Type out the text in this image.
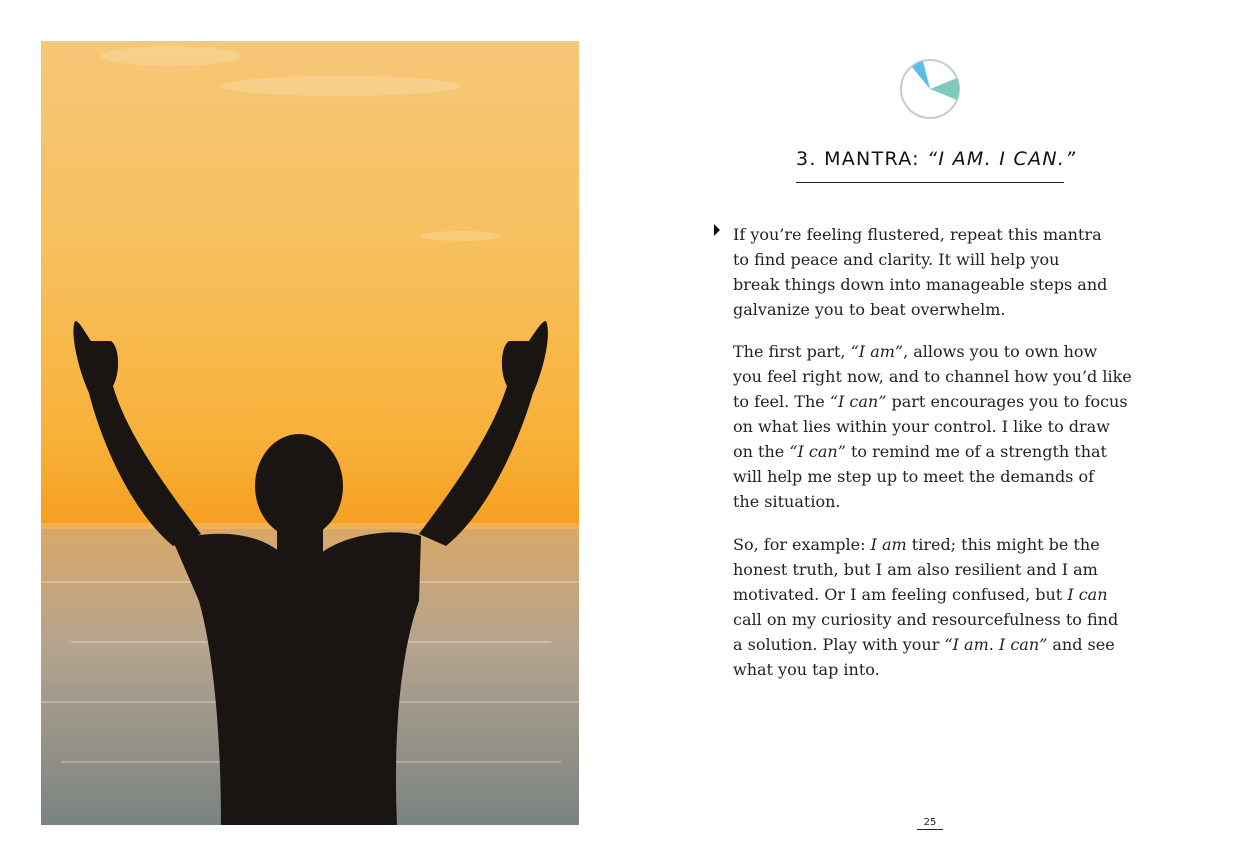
3. MANTRA: “I AM. I CAN.”
If you’re feeling flustered, repeat this mantra
to find peace and clarity. It will help you
break things down into manageable steps and
galvanize you to beat overwhelm.
The first part, “I am”, allows you to own how
you feel right now, and to channel how you’d like
to feel. The “I can” part encourages you to focus
on what lies within your control. I like to draw
on the “I can” to remind me of a strength that
will help me step up to meet the demands of
the situation.
So, for example: I am tired; this might be the
honest truth, but I am also resilient and I am
motivated. Or I am feeling confused, but I can
call on my curiosity and resourcefulness to find
a solution. Play with your “I am. I can” and see
what you tap into.
25
